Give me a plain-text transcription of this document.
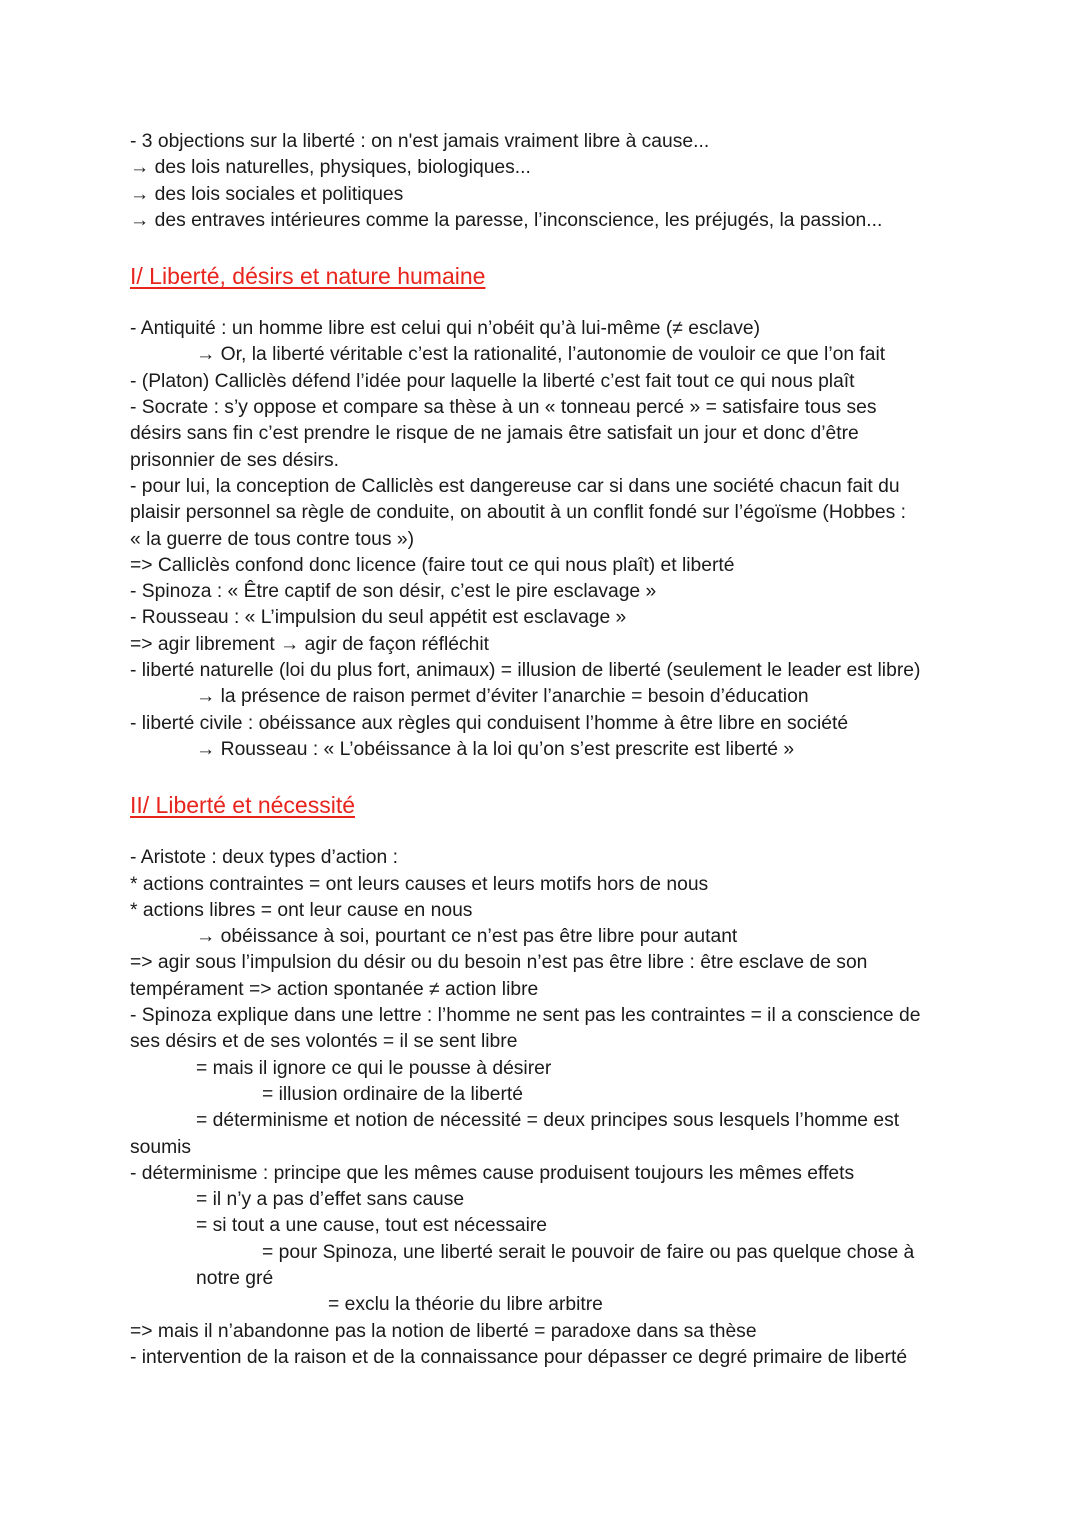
- 3 objections sur la liberté : on n'est jamais vraiment libre à cause...
→ des lois naturelles, physiques, biologiques...
→ des lois sociales et politiques
→ des entraves intérieures comme la paresse, l’inconscience, les préjugés, la passion...
I/ Liberté, désirs et nature humaine
- Antiquité : un homme libre est celui qui n’obéit qu’à lui-même (≠ esclave)
→ Or, la liberté véritable c’est la rationalité, l’autonomie de vouloir ce que l’on fait
- (Platon) Calliclès défend l’idée pour laquelle la liberté c’est fait tout ce qui nous plaît
- Socrate : s’y oppose et compare sa thèse à un « tonneau percé » = satisfaire tous ses
désirs sans fin c’est prendre le risque de ne jamais être satisfait un jour et donc d’être
prisonnier de ses désirs.
- pour lui, la conception de Calliclès est dangereuse car si dans une société chacun fait du
plaisir personnel sa règle de conduite, on aboutit à un conflit fondé sur l’égoïsme (Hobbes :
« la guerre de tous contre tous »)
=> Calliclès confond donc licence (faire tout ce qui nous plaît) et liberté
- Spinoza : « Être captif de son désir, c’est le pire esclavage »
- Rousseau : « L’impulsion du seul appétit est esclavage »
=> agir librement → agir de façon réfléchit
- liberté naturelle (loi du plus fort, animaux) = illusion de liberté (seulement le leader est libre)
→ la présence de raison permet d’éviter l’anarchie = besoin d’éducation
- liberté civile : obéissance aux règles qui conduisent l’homme à être libre en société
→ Rousseau : « L’obéissance à la loi qu’on s’est prescrite est liberté »
II/ Liberté et nécessité
- Aristote : deux types d’action :
* actions contraintes = ont leurs causes et leurs motifs hors de nous
* actions libres = ont leur cause en nous
→ obéissance à soi, pourtant ce n’est pas être libre pour autant
=> agir sous l’impulsion du désir ou du besoin n’est pas être libre : être esclave de son
tempérament => action spontanée ≠ action libre
- Spinoza explique dans une lettre : l’homme ne sent pas les contraintes = il a conscience de
ses désirs et de ses volontés = il se sent libre
= mais il ignore ce qui le pousse à désirer
= illusion ordinaire de la liberté
= déterminisme et notion de nécessité = deux principes sous lesquels l’homme est
soumis
- déterminisme : principe que les mêmes cause produisent toujours les mêmes effets
= il n’y a pas d’effet sans cause
= si tout a une cause, tout est nécessaire
= pour Spinoza, une liberté serait le pouvoir de faire ou pas quelque chose à
notre gré
= exclu la théorie du libre arbitre
=> mais il n’abandonne pas la notion de liberté = paradoxe dans sa thèse
- intervention de la raison et de la connaissance pour dépasser ce degré primaire de liberté
